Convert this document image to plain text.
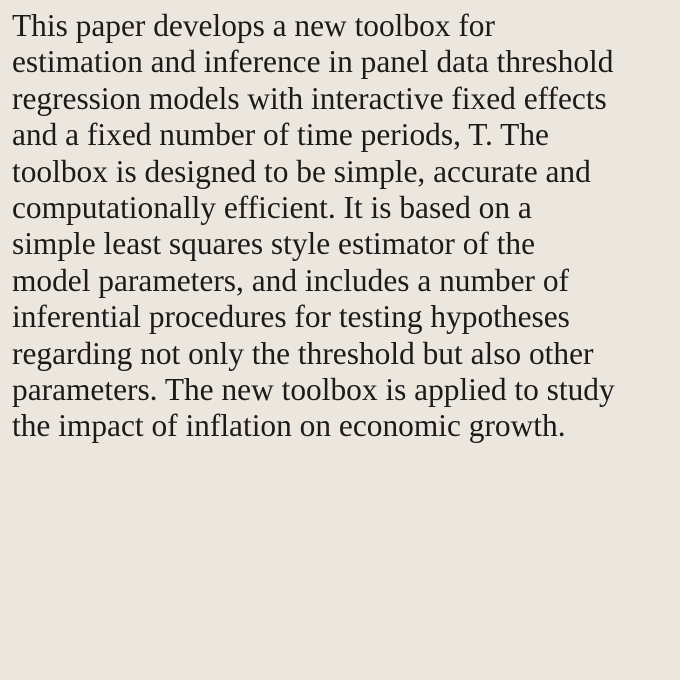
This paper develops a new toolbox for
estimation and inference in panel data threshold
regression models with interactive fixed effects
and a fixed number of time periods, T. The
toolbox is designed to be simple, accurate and
computationally efficient. It is based on a
simple least squares style estimator of the
model parameters, and includes a number of
inferential procedures for testing hypotheses
regarding not only the threshold but also other
parameters. The new toolbox is applied to study
the impact of inflation on economic growth.
